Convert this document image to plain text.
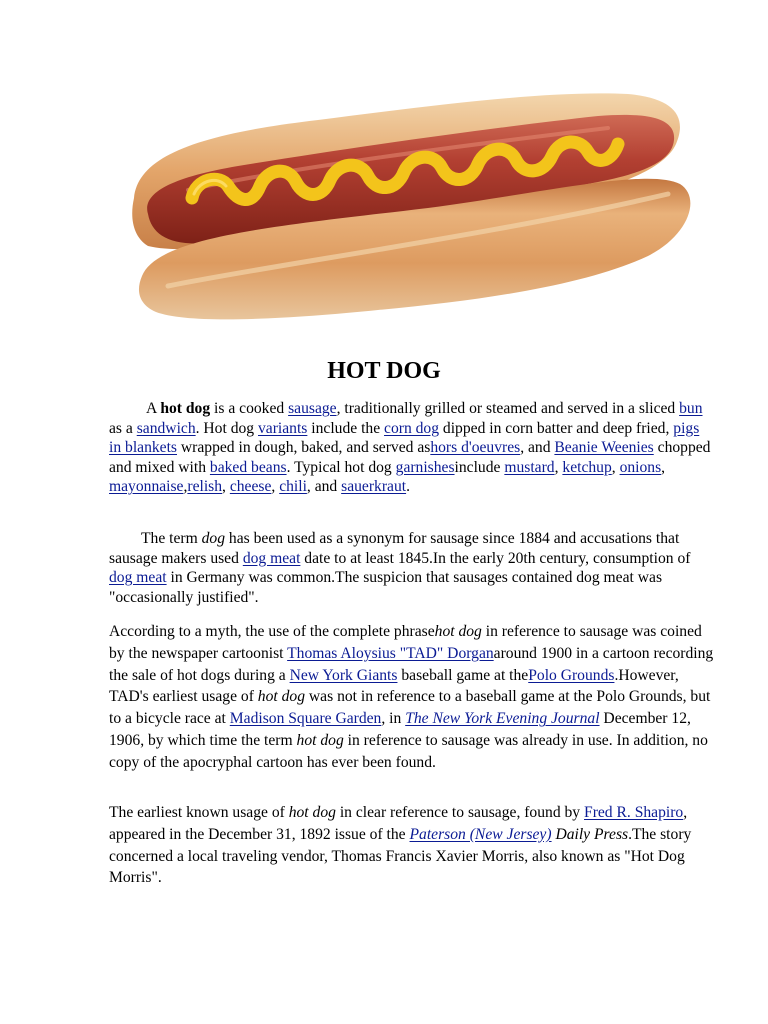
HOT DOG

A hot dog is a cooked sausage, traditionally grilled or steamed and served in a sliced bun as a sandwich. Hot dog variants include the corn dog dipped in corn batter and deep fried, pigs in blankets wrapped in dough, baked, and served ashors d'oeuvres, and Beanie Weenies chopped and mixed with baked beans. Typical hot dog garnishesinclude mustard, ketchup, onions, mayonnaise,relish, cheese, chili, and sauerkraut.

The term dog has been used as a synonym for sausage since 1884 and accusations that sausage makers used dog meat date to at least 1845.In the early 20th century, consumption of dog meat in Germany was common.The suspicion that sausages contained dog meat was "occasionally justified".

According to a myth, the use of the complete phrasehot dog in reference to sausage was coined by the newspaper cartoonist Thomas Aloysius "TAD" Dorganaround 1900 in a cartoon recording the sale of hot dogs during a New York Giants baseball game at thePolo Grounds.However, TAD's earliest usage of hot dog was not in reference to a baseball game at the Polo Grounds, but to a bicycle race at Madison Square Garden, in The New York Evening Journal December 12, 1906, by which time the term hot dog in reference to sausage was already in use. In addition, no copy of the apocryphal cartoon has ever been found.

The earliest known usage of hot dog in clear reference to sausage, found by Fred R. Shapiro, appeared in the December 31, 1892 issue of the Paterson (New Jersey) Daily Press.The story concerned a local traveling vendor, Thomas Francis Xavier Morris, also known as "Hot Dog Morris".
